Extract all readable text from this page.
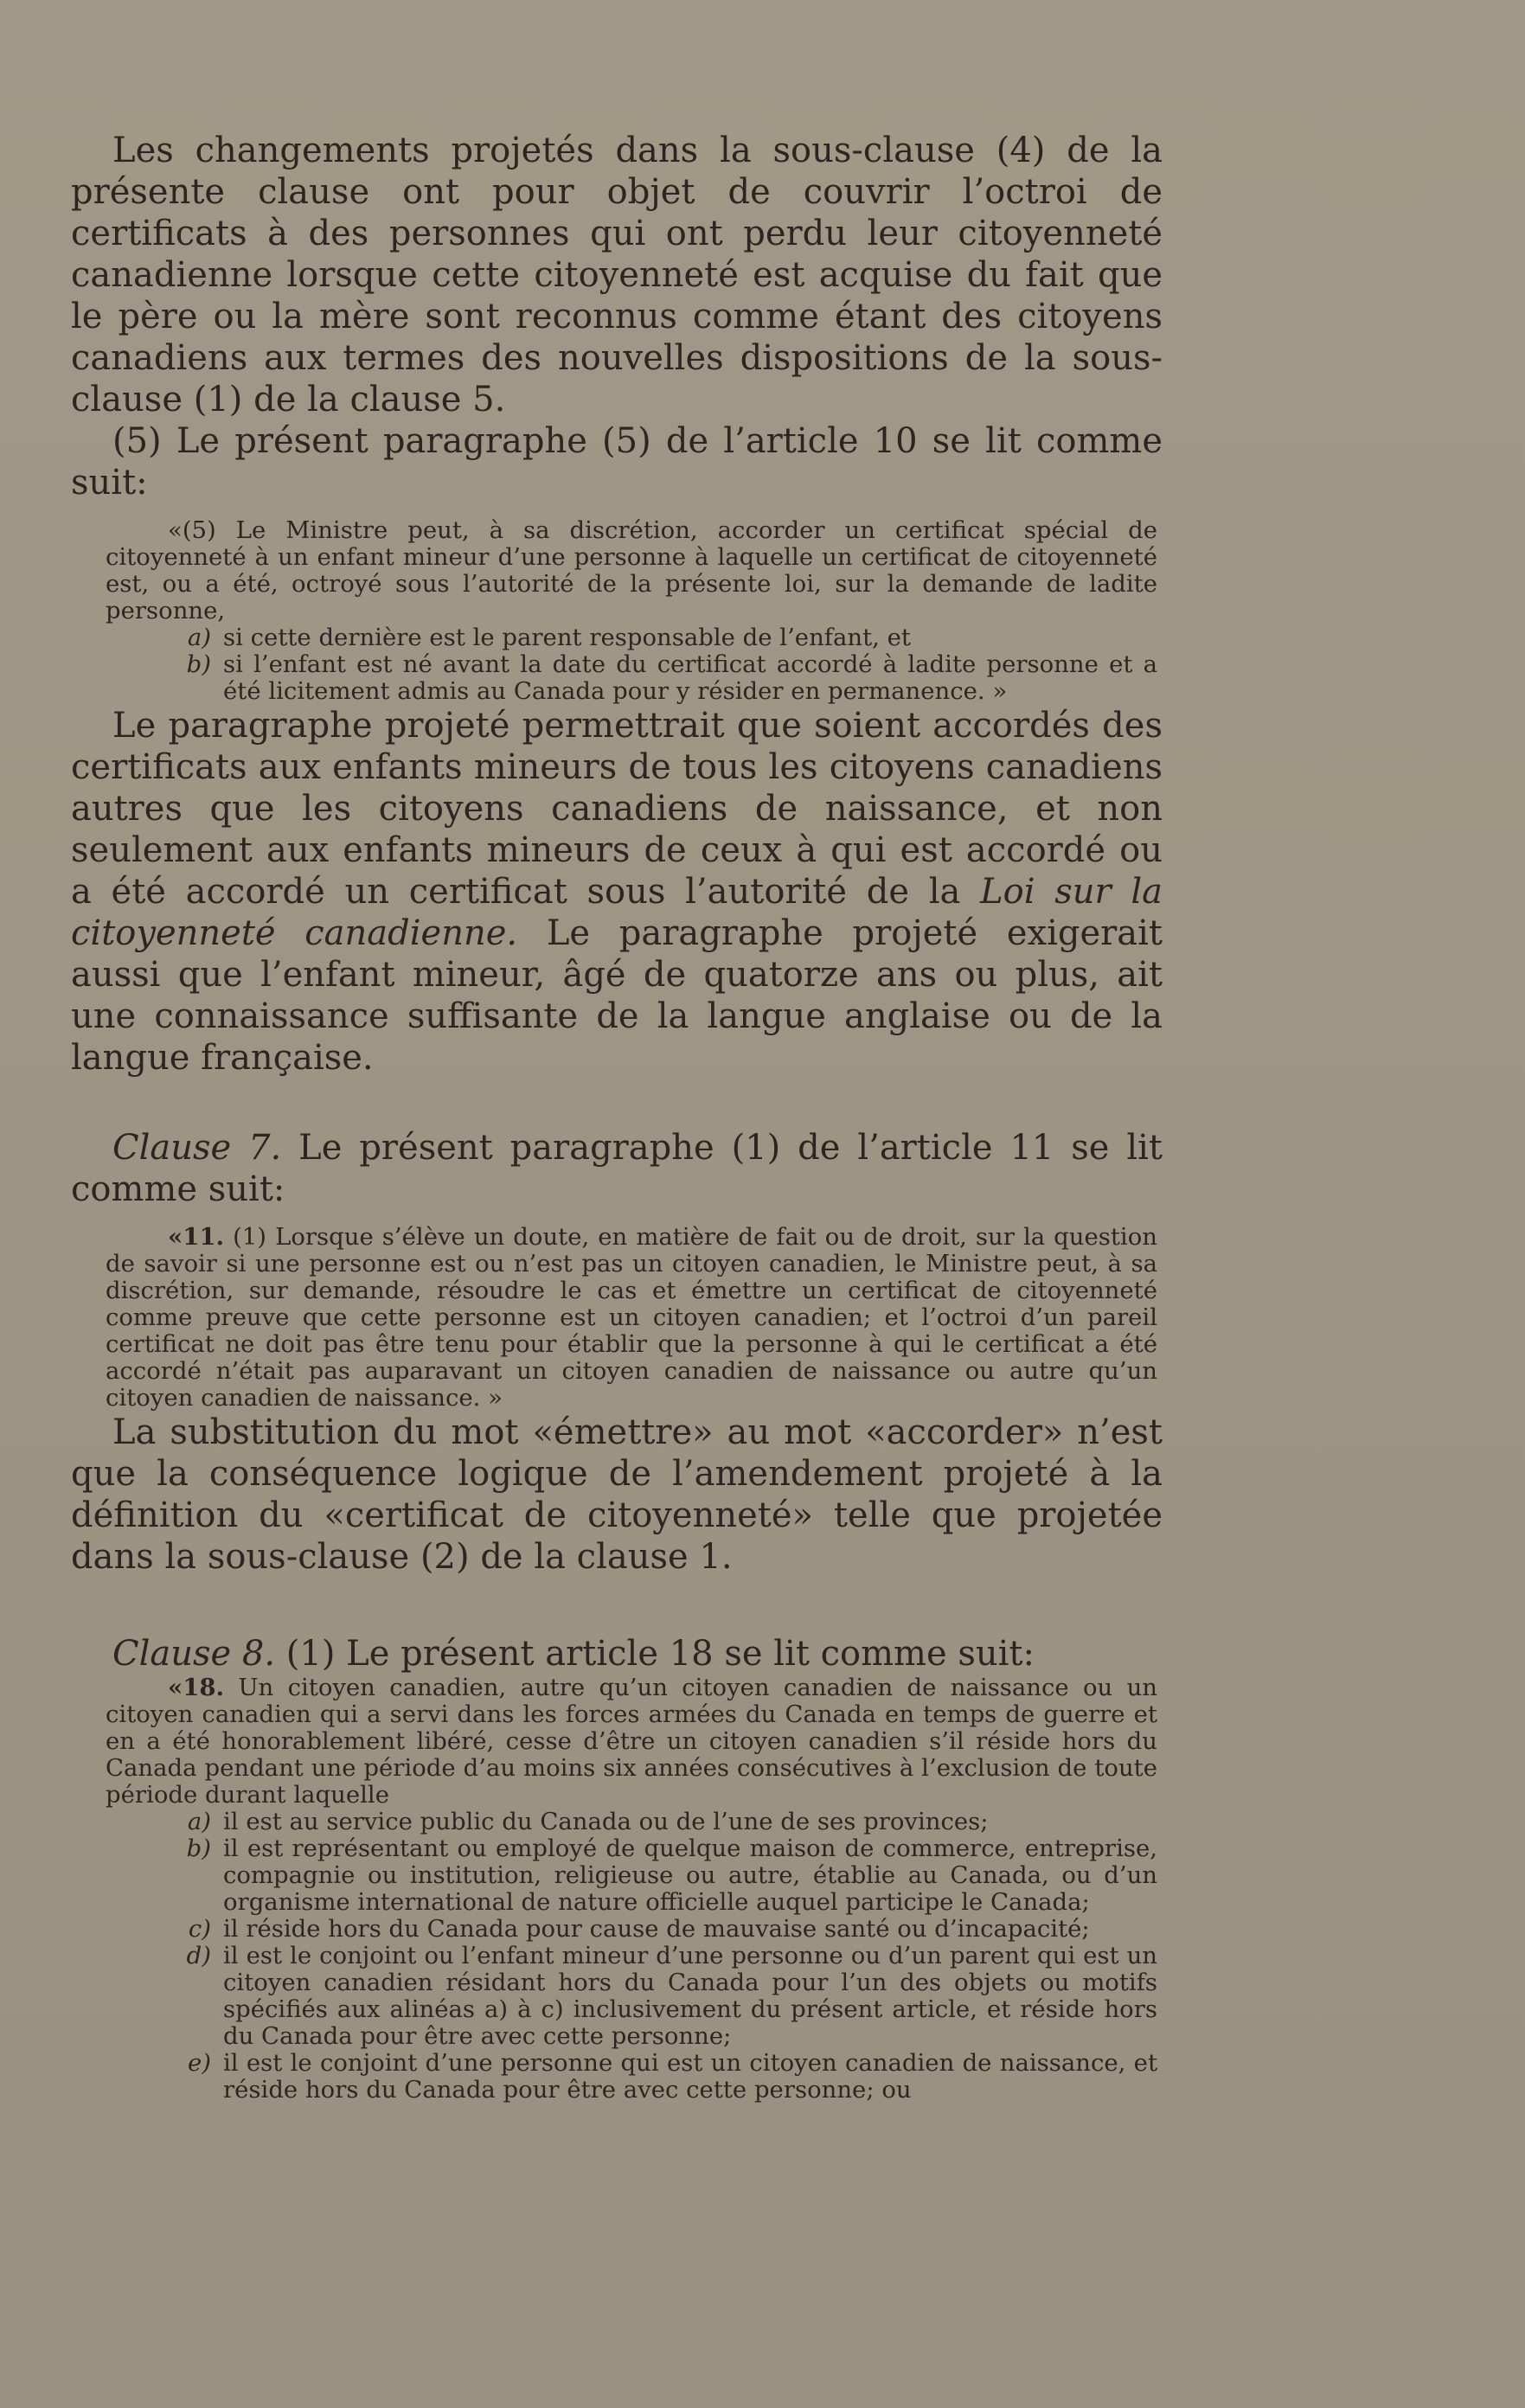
Les changements projetés dans la sous-clause (4) de la présente clause ont pour objet de couvrir l’octroi de certificats à des personnes qui ont perdu leur citoyenneté canadienne lorsque cette citoyenneté est acquise du fait que le père ou la mère sont reconnus comme étant des citoyens canadiens aux termes des nouvelles dispositions de la sous-clause (1) de la clause 5.

(5) Le présent paragraphe (5) de l’article 10 se lit comme suit:

«(5) Le Ministre peut, à sa discrétion, accorder un certificat spécial de citoyenneté à un enfant mineur d’une personne à laquelle un certificat de citoyenneté est, ou a été, octroyé sous l’autorité de la présente loi, sur la demande de ladite personne,

a) si cette dernière est le parent responsable de l’enfant, et
b) si l’enfant est né avant la date du certificat accordé à ladite personne et a été licitement admis au Canada pour y résider en permanence. »

Le paragraphe projeté permettrait que soient accordés des certificats aux enfants mineurs de tous les citoyens canadiens autres que les citoyens canadiens de naissance, et non seulement aux enfants mineurs de ceux à qui est accordé ou a été accordé un certificat sous l’autorité de la Loi sur la citoyenneté canadienne. Le paragraphe projeté exigerait aussi que l’enfant mineur, âgé de quatorze ans ou plus, ait une connaissance suffisante de la langue anglaise ou de la langue française.

Clause 7. Le présent paragraphe (1) de l’article 11 se lit comme suit:

«11. (1) Lorsque s’élève un doute, en matière de fait ou de droit, sur la question de savoir si une personne est ou n’est pas un citoyen canadien, le Ministre peut, à sa discrétion, sur demande, résoudre le cas et émettre un certificat de citoyenneté comme preuve que cette personne est un citoyen canadien; et l’octroi d’un pareil certificat ne doit pas être tenu pour établir que la personne à qui le certificat a été accordé n’était pas auparavant un citoyen canadien de naissance ou autre qu’un citoyen canadien de naissance. »

La substitution du mot «émettre» au mot «accorder» n’est que la conséquence logique de l’amendement projeté à la définition du «certificat de citoyenneté» telle que projetée dans la sous-clause (2) de la clause 1.

Clause 8. (1) Le présent article 18 se lit comme suit:

«18. Un citoyen canadien, autre qu’un citoyen canadien de naissance ou un citoyen canadien qui a servi dans les forces armées du Canada en temps de guerre et en a été honorablement libéré, cesse d’être un citoyen canadien s’il réside hors du Canada pendant une période d’au moins six années consécutives à l’exclusion de toute période durant laquelle

a) il est au service public du Canada ou de l’une de ses provinces;
b) il est représentant ou employé de quelque maison de commerce, entreprise, compagnie ou institution, religieuse ou autre, établie au Canada, ou d’un organisme international de nature officielle auquel participe le Canada;
c) il réside hors du Canada pour cause de mauvaise santé ou d’incapacité;
d) il est le conjoint ou l’enfant mineur d’une personne ou d’un parent qui est un citoyen canadien résidant hors du Canada pour l’un des objets ou motifs spécifiés aux alinéas a) à c) inclusivement du présent article, et réside hors du Canada pour être avec cette personne;
e) il est le conjoint d’une personne qui est un citoyen canadien de naissance, et réside hors du Canada pour être avec cette personne; ou
